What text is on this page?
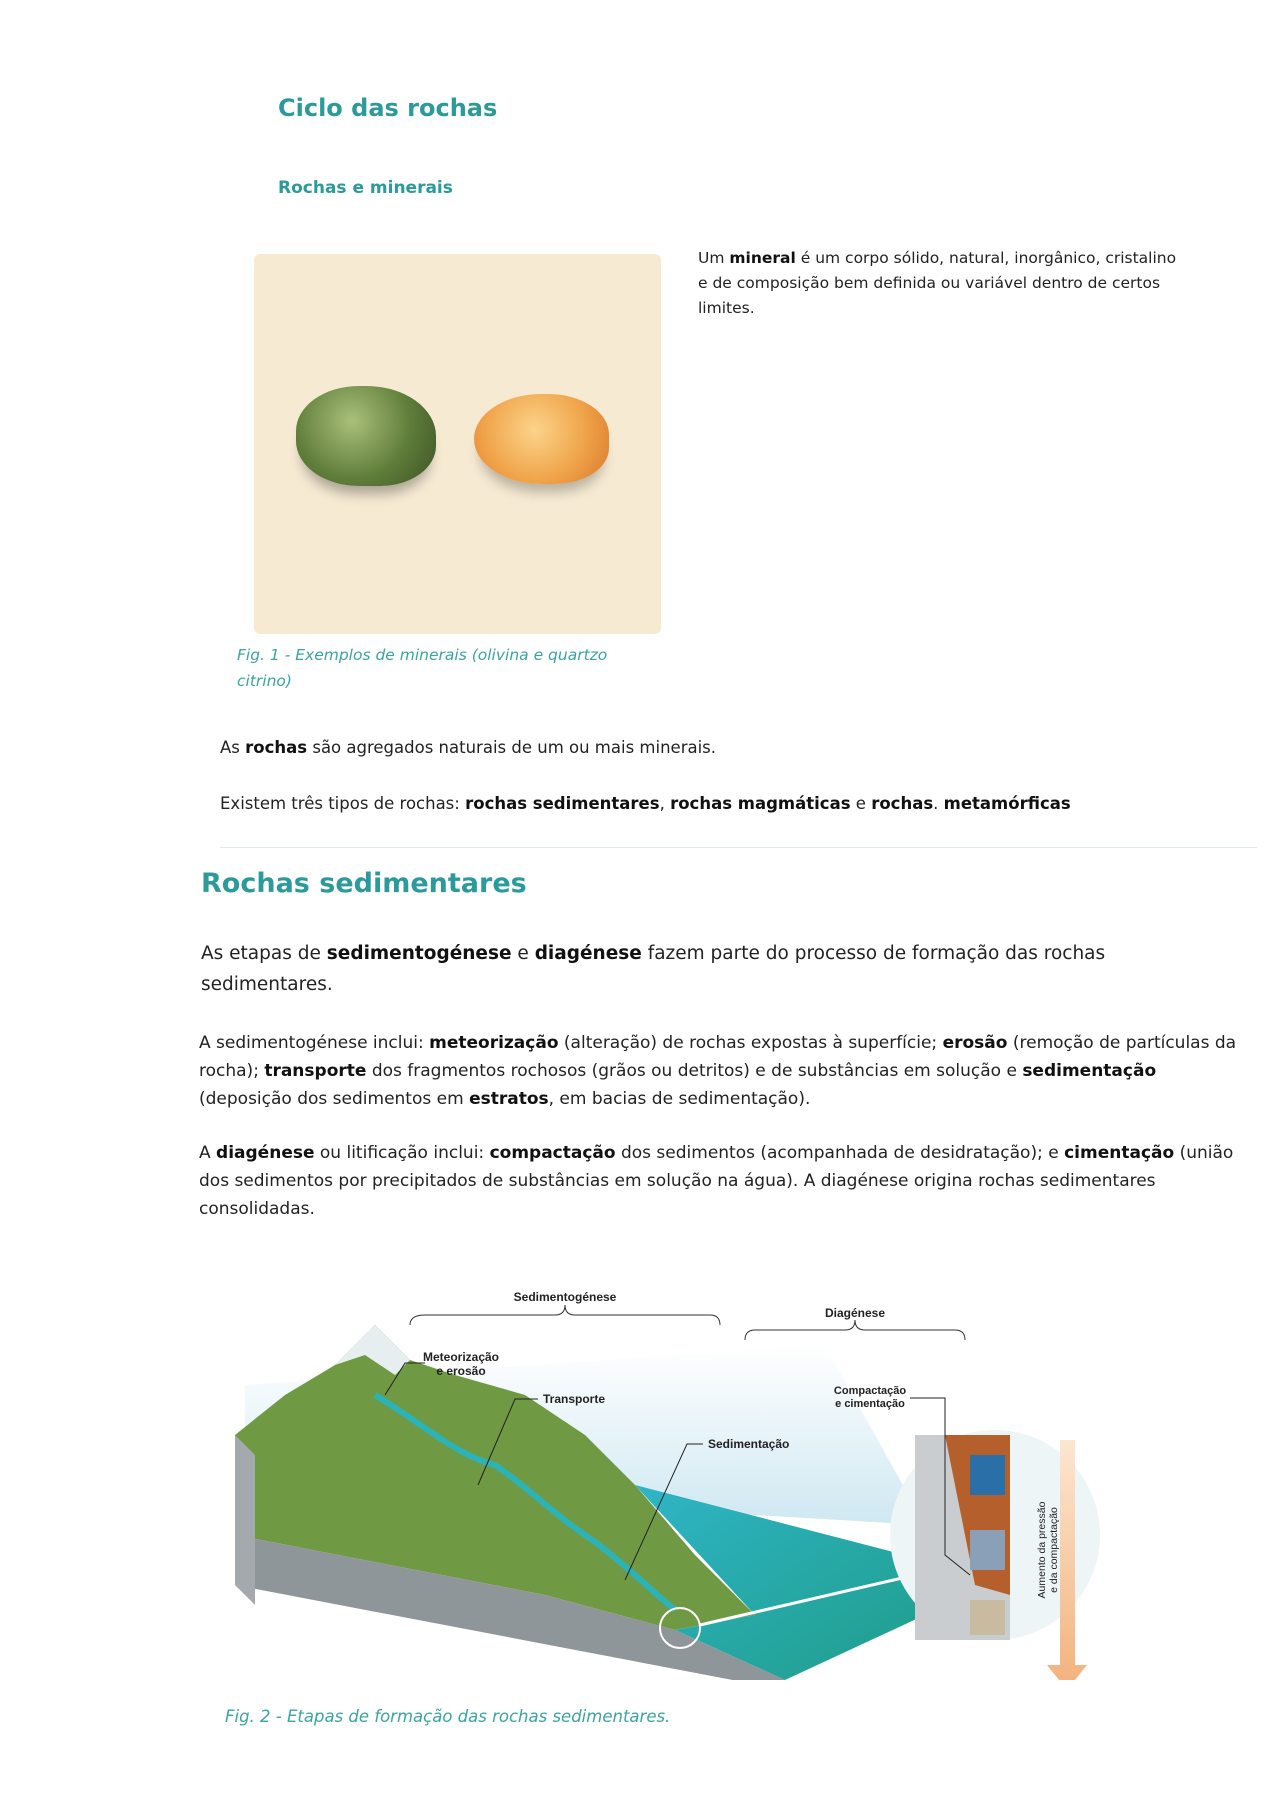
Ciclo das rochas
Rochas e minerais

Um mineral é um corpo sólido, natural, inorgânico, cristalino e de composição bem definida ou variável dentro de certos limites.

Fig. 1 - Exemplos de minerais (olivina e quartzo citrino)

As rochas são agregados naturais de um ou mais minerais.

Existem três tipos de rochas: rochas sedimentares, rochas magmáticas e rochas. metamórficas

Rochas sedimentares

As etapas de sedimentogénese e diagénese fazem parte do processo de formação das rochas sedimentares.

A sedimentogénese inclui: meteorização (alteração) de rochas expostas à superfície; erosão (remoção de partículas da rocha); transporte dos fragmentos rochosos (grãos ou detritos) e de substâncias em solução e sedimentação (deposição dos sedimentos em estratos, em bacias de sedimentação).

A diagénese ou litificação inclui: compactação dos sedimentos (acompanhada de desidratação); e cimentação (união dos sedimentos por precipitados de substâncias em solução na água). A diagénese origina rochas sedimentares consolidadas.

Sedimentogénese
Diagénese
Meteorização
e erosão
Transporte
Sedimentação
Compactação
e cimentação
Aumento da pressão e da compactação

Fig. 2 - Etapas de formação das rochas sedimentares.
